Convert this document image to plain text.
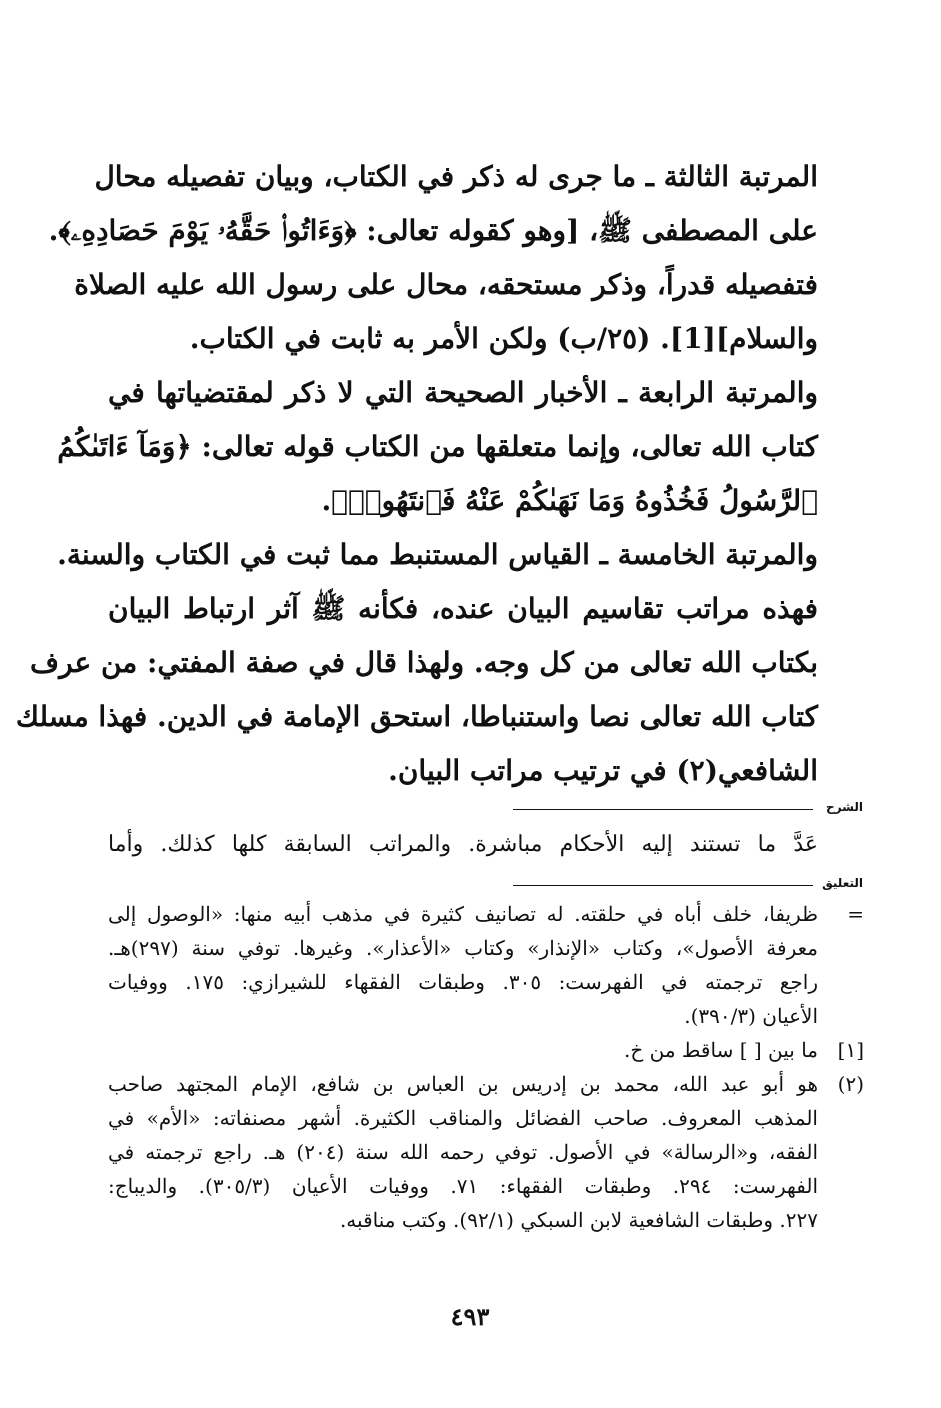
المرتبة الثالثة ـ ما جرى له ذكر في الكتاب، وبيان تفصيله محال
على المصطفى ﷺ، [وهو كقوله تعالى: ﴿وَءَاتُوا۟ حَقَّهُۥ يَوْمَ حَصَادِهِۦ﴾.
فتفصيله قدراً، وذكر مستحقه، محال على رسول الله عليه الصلاة
والسلام][1]. (٢٥/ب) ولكن الأمر به ثابت في الكتاب.
والمرتبة الرابعة ـ الأخبار الصحيحة التي لا ذكر لمقتضياتها في
كتاب الله تعالى، وإنما متعلقها من الكتاب قوله تعالى: ﴿وَمَآ ءَاتَىٰكُمُ
ٱلرَّسُولُ فَخُذُوهُ وَمَا نَهَىٰكُمْ عَنْهُ فَٱنتَهُوا۟﴾.
والمرتبة الخامسة ـ القياس المستنبط مما ثبت في الكتاب والسنة.
فهذه مراتب تقاسيم البيان عنده، فكأنه ﷺ آثر ارتباط البيان
بكتاب الله تعالى من كل وجه. ولهذا قال في صفة المفتي: من عرف
كتاب الله تعالى نصا واستنباطا، استحق الإمامة في الدين. فهذا مسلك
الشافعي(٢) في ترتيب مراتب البيان.
الشرح
عَدَّ ما تستند إليه الأحكام مباشرة. والمراتب السابقة كلها كذلك. وأما
التعليق
=
ظريفا، خلف أباه في حلقته. له تصانيف كثيرة في مذهب أبيه منها: «الوصول إلى
معرفة الأصول»، وكتاب «الإنذار» وكتاب «الأعذار». وغيرها. توفي سنة (٢٩٧)هـ.
راجع ترجمته في الفهرست: ٣٠٥. وطبقات الفقهاء للشيرازي: ١٧٥. ووفيات
الأعيان (٣٩٠/٣).
[١]
ما بين [ ] ساقط من خ.
(٢)
هو أبو عبد الله، محمد بن إدريس بن العباس بن شافع، الإمام المجتهد صاحب
المذهب المعروف. صاحب الفضائل والمناقب الكثيرة. أشهر مصنفاته: «الأم» في
الفقه، و«الرسالة» في الأصول. توفي رحمه الله سنة (٢٠٤) هـ. راجع ترجمته في
الفهرست: ٢٩٤. وطبقات الفقهاء: ٧١. ووفيات الأعيان (٣٠٥/٣). والديباج:
٢٢٧. وطبقات الشافعية لابن السبكي (٩٢/١). وكتب مناقبه.
٤٩٣
